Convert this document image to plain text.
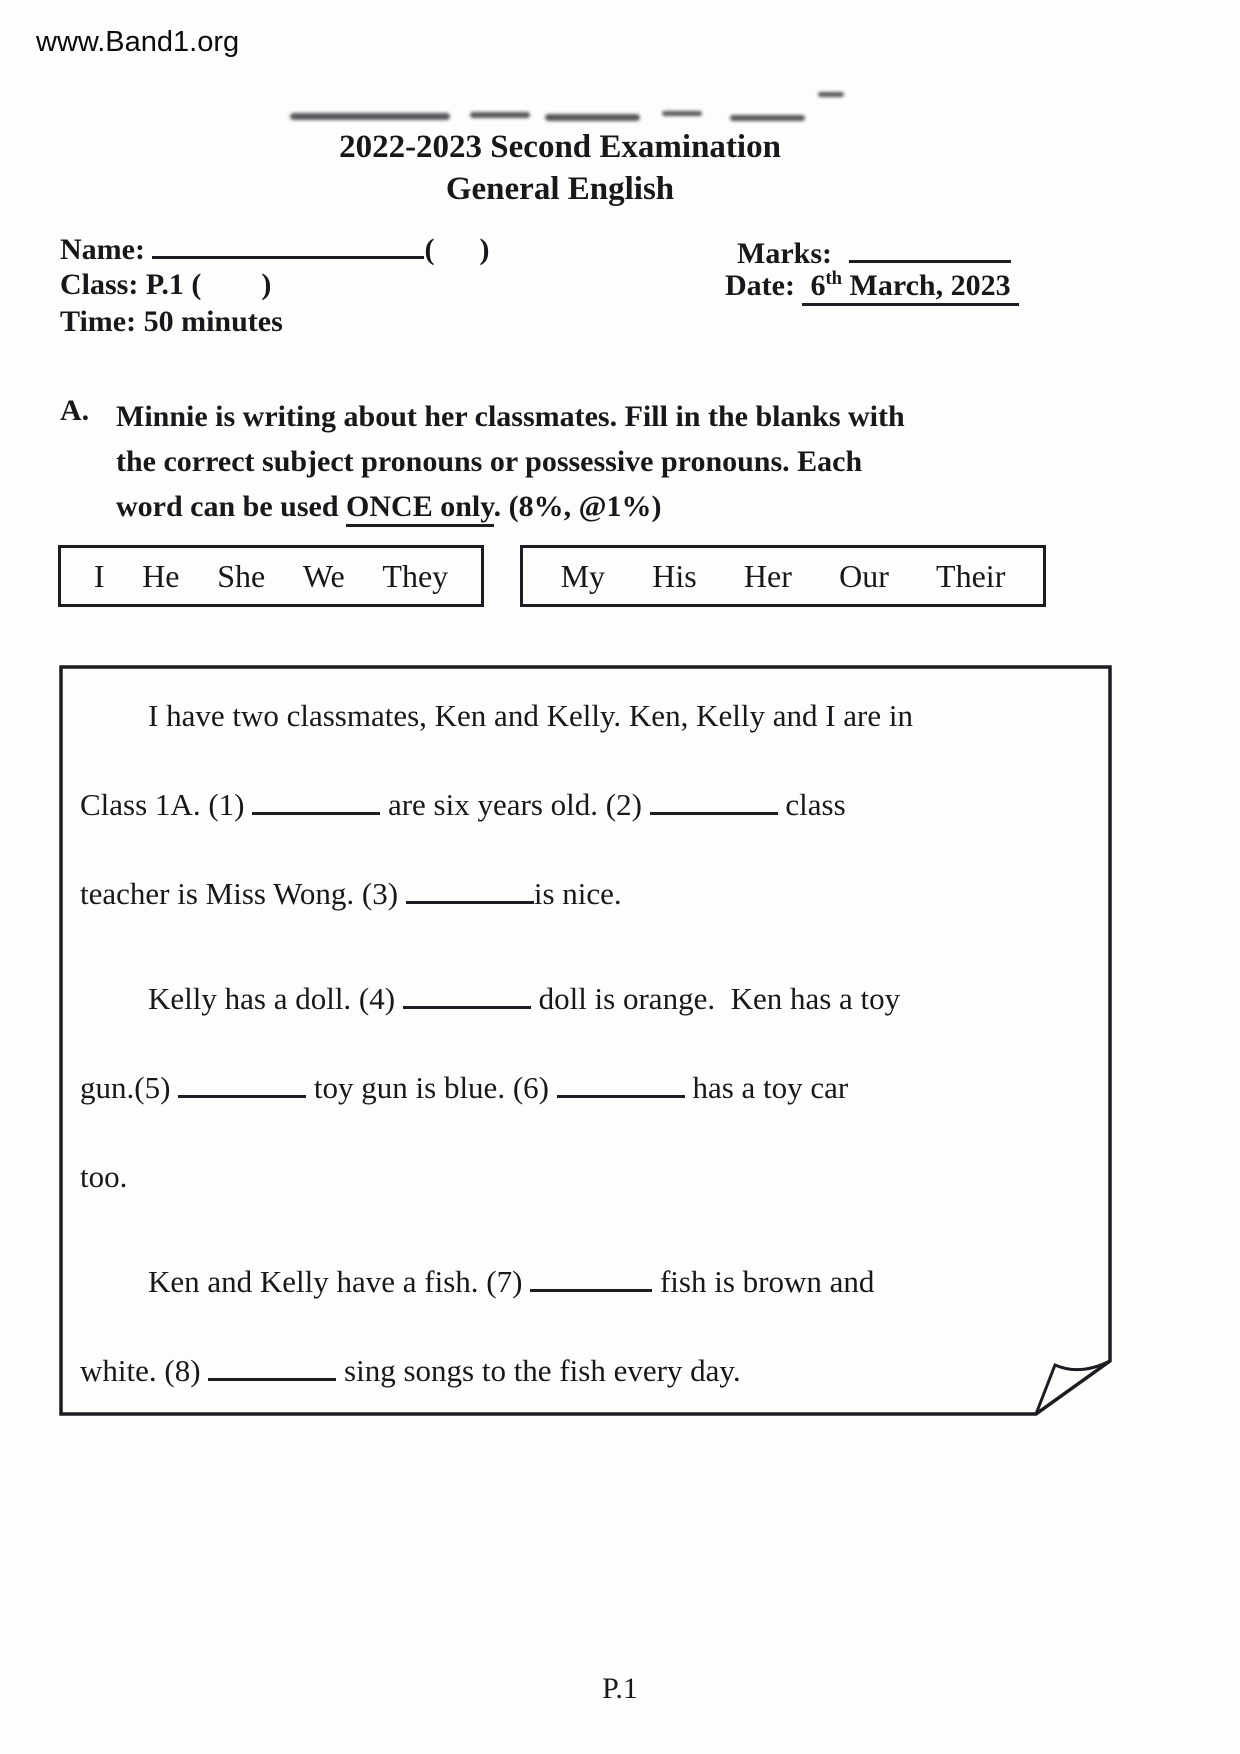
www.Band1.org
2022-2023 Second Examination
General English
Name:	(      )	Marks:
Class: P.1 (        )	Date: 6th March, 2023
Time: 50 minutes
A. Minnie is writing about her classmates. Fill in the blanks with
the correct subject pronouns or possessive pronouns. Each
word can be used ONCE only. (8%, @1%)
I He She We They	My His Her Our Their
I have two classmates, Ken and Kelly. Ken, Kelly and I are in
Class 1A. (1)	are six years old. (2)	class
teacher is Miss Wong. (3)	is nice.
Kelly has a doll. (4)	doll is orange.  Ken has a toy
gun.(5)	toy gun is blue. (6)	has a toy car
too.
Ken and Kelly have a fish. (7)	fish is brown and
white. (8)	sing songs to the fish every day.
P.1
